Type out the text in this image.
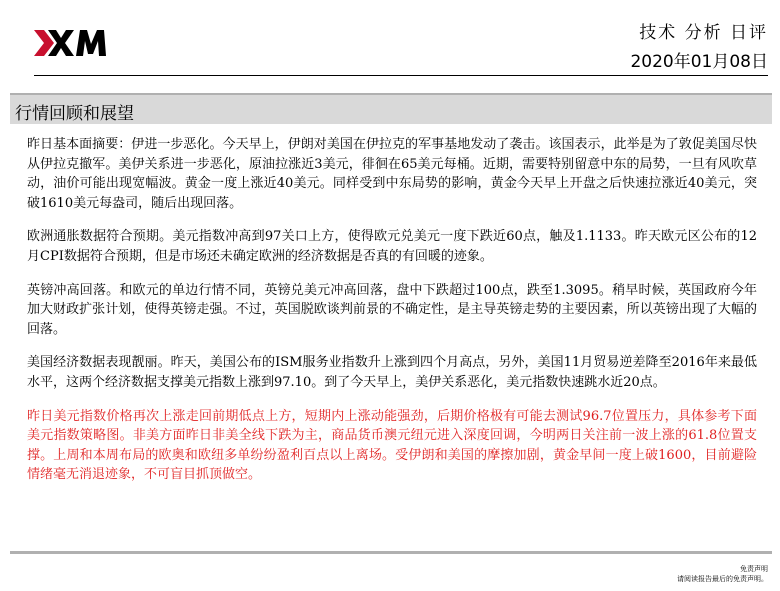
技术 分析 日评
2020年01月08日
行情回顾和展望

昨日基本面摘要：伊进一步恶化。今天早上，伊朗对美国在伊拉克的军事基地发动了袭击。该国表示，此举是为了敦促美国尽快从伊拉克撤军。美伊关系进一步恶化，原油拉涨近3美元，徘徊在65美元每桶。近期，需要特别留意中东的局势，一旦有风吹草动，油价可能出现宽幅波。黄金一度上涨近40美元。同样受到中东局势的影响，黄金今天早上开盘之后快速拉涨近40美元，突破1610美元每盎司，随后出现回落。

欧洲通胀数据符合预期。美元指数冲高到97关口上方，使得欧元兑美元一度下跌近60点，触及1.1133。昨天欧元区公布的12月CPI数据符合预期，但是市场还未确定欧洲的经济数据是否真的有回暖的迹象。

英镑冲高回落。和欧元的单边行情不同，英镑兑美元冲高回落，盘中下跌超过100点，跌至1.3095。稍早时候，英国政府今年加大财政扩张计划，使得英镑走强。不过，英国脱欧谈判前景的不确定性，是主导英镑走势的主要因素，所以英镑出现了大幅的回落。

美国经济数据表现靓丽。昨天，美国公布的ISM服务业指数升上涨到四个月高点，另外，美国11月贸易逆差降至2016年来最低水平，这两个经济数据支撑美元指数上涨到97.10。到了今天早上，美伊关系恶化，美元指数快速跳水近20点。

昨日美元指数价格再次上涨走回前期低点上方，短期内上涨动能强劲，后期价格极有可能去测试96.7位置压力，具体参考下面美元指数策略图。非美方面昨日非美全线下跌为主，商品货币澳元纽元进入深度回调，今明两日关注前一波上涨的61.8位置支撑。上周和本周布局的欧奥和欧纽多单纷纷盈利百点以上离场。受伊朗和美国的摩擦加剧，黄金早间一度上破1600，目前避险情绪毫无消退迹象，不可盲目抓顶做空。

免责声明
请阅读报告最后的免责声明。
